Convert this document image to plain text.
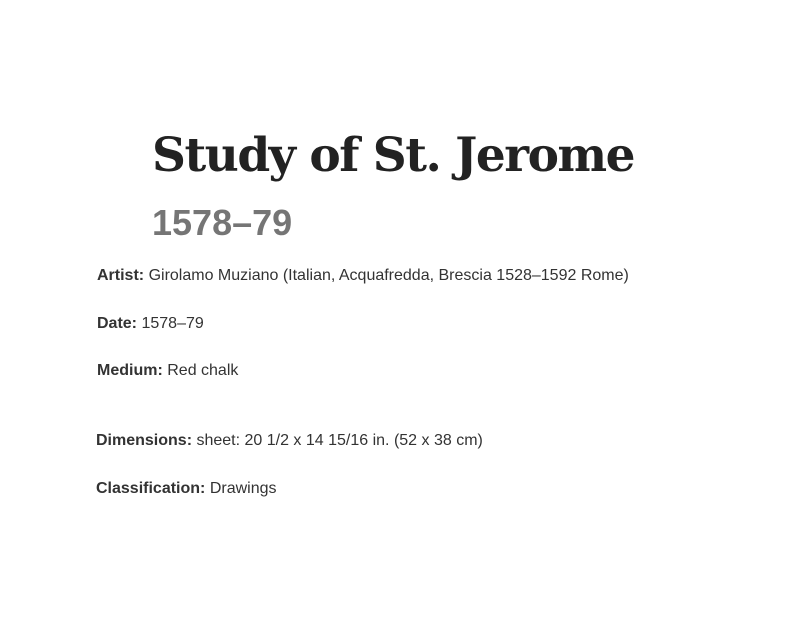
Study of St. Jerome
1578–79

Artist: Girolamo Muziano (Italian, Acquafredda, Brescia 1528–1592 Rome)

Date: 1578–79

Medium: Red chalk

Dimensions: sheet: 20 1/2 x 14 15/16 in. (52 x 38 cm)

Classification: Drawings
